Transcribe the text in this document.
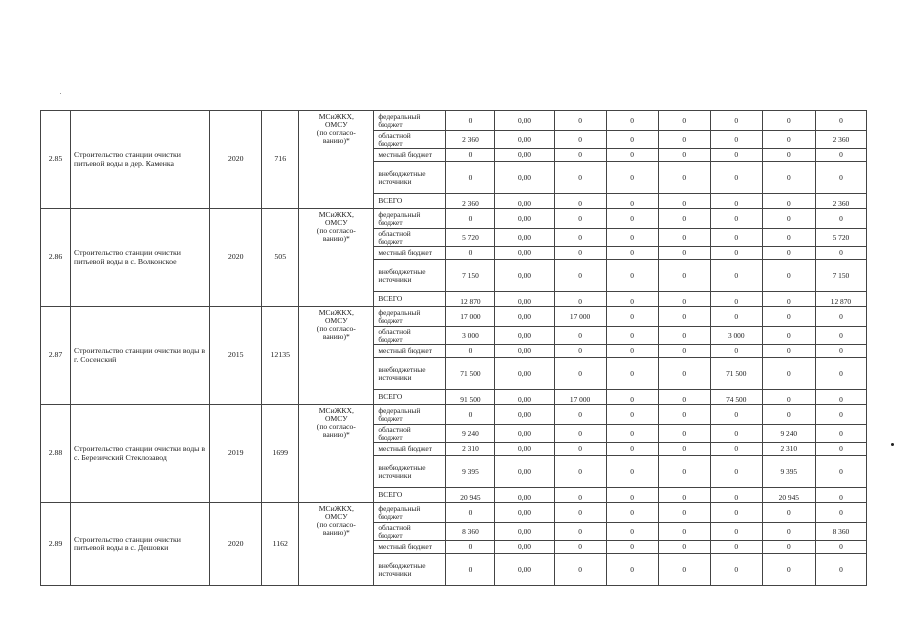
2.85	Строительство станции очистки питьевой воды в дер. Каменка	2020	716	МСиЖКХ,
ОМСУ
(по согласо-
ванию)*	федеральный
бюджет	0	0,00	0	0	0	0	0	0
					областной
бюджет	2 360	0,00	0	0	0	0	0	2 360
					местный бюджет	0	0,00	0	0	0	0	0	0
					внебюджетные
источники	0	0,00	0	0	0	0	0	0
					ВСЕГО	2 360	0,00	0	0	0	0	0	2 360
2.86	Строительство станции очистки питьевой воды в с. Волконское	2020	505	МСиЖКХ,
ОМСУ
(по согласо-
ванию)*	федеральный
бюджет	0	0,00	0	0	0	0	0	0
					областной
бюджет	5 720	0,00	0	0	0	0	0	5 720
					местный бюджет	0	0,00	0	0	0	0	0	0
					внебюджетные
источники	7 150	0,00	0	0	0	0	0	7 150
					ВСЕГО	12 870	0,00	0	0	0	0	0	12 870
2.87	Строительство станции очистки воды в г. Сосенский	2015	12135	МСиЖКХ,
ОМСУ
(по согласо-
ванию)*	федеральный
бюджет	17 000	0,00	17 000	0	0	0	0	0
					областной
бюджет	3 000	0,00	0	0	0	3 000	0	0
					местный бюджет	0	0,00	0	0	0	0	0	0
					внебюджетные
источники	71 500	0,00	0	0	0	71 500	0	0
					ВСЕГО	91 500	0,00	17 000	0	0	74 500	0	0
2.88	Строительство станции очистки воды в с. Березичский Стеклозавод	2019	1699	МСиЖКХ,
ОМСУ
(по согласо-
ванию)*	федеральный
бюджет	0	0,00	0	0	0	0	0	0
					областной
бюджет	9 240	0,00	0	0	0	0	9 240	0
					местный бюджет	2 310	0,00	0	0	0	0	2 310	0
					внебюджетные
источники	9 395	0,00	0	0	0	0	9 395	0
					ВСЕГО	20 945	0,00	0	0	0	0	20 945	0
2.89	Строительство станции очистки питьевой воды в с. Дешовки	2020	1162	МСиЖКХ,
ОМСУ
(по согласо-
ванию)*	федеральный
бюджет	0	0,00	0	0	0	0	0	0
					областной
бюджет	8 360	0,00	0	0	0	0	0	8 360
					местный бюджет	0	0,00	0	0	0	0	0	0
					внебюджетные
источники	0	0,00	0	0	0	0	0	0
